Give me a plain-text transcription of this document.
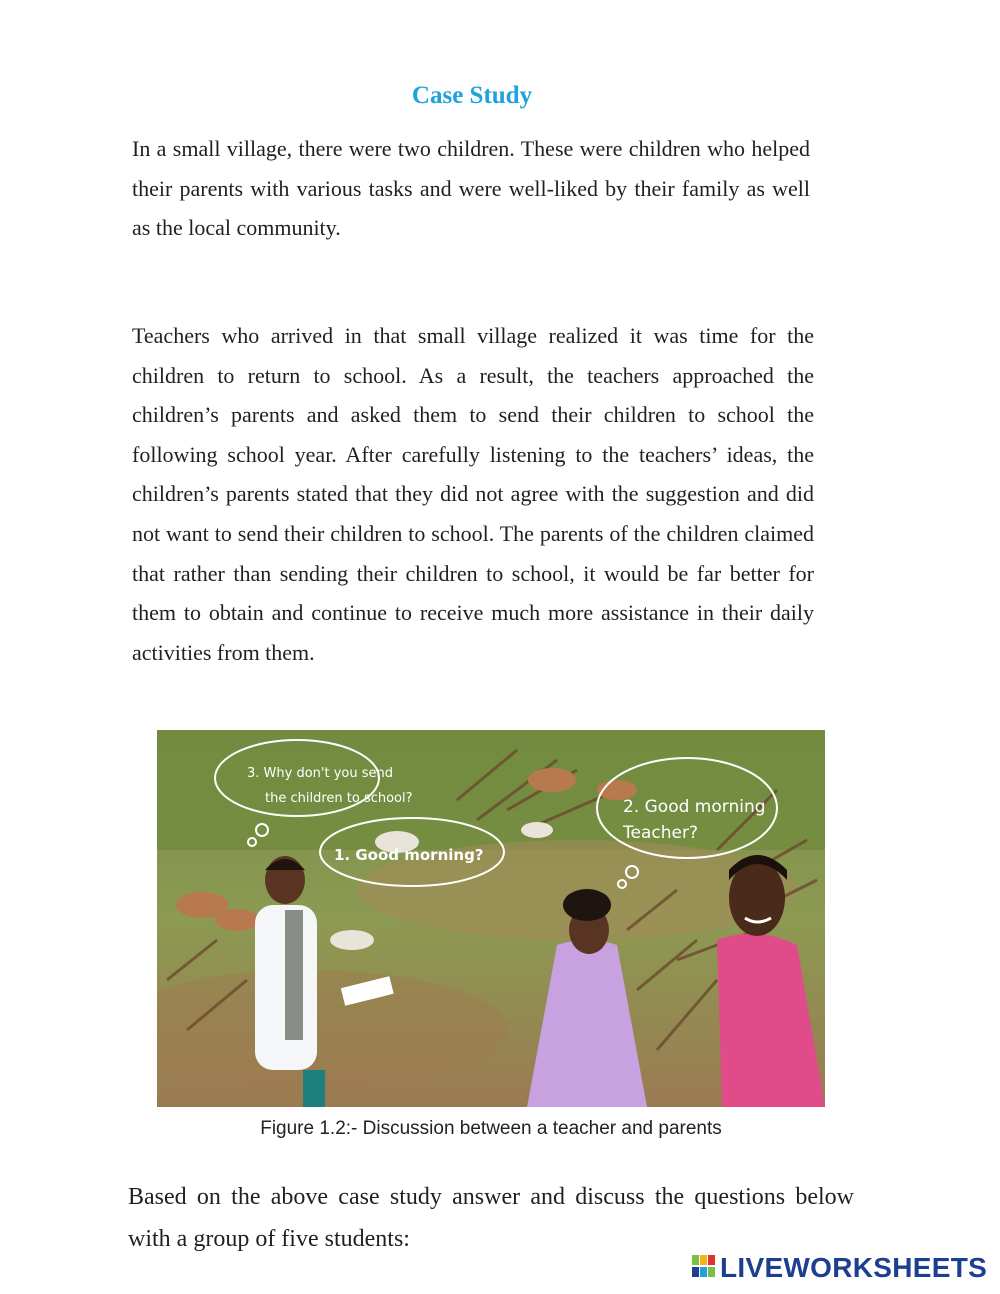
Case Study

In a small village, there were two children. These were children who helped their parents with various tasks and were well-liked by their family as well as the local community.

Teachers who arrived in that small village realized it was time for the children to return to school. As a result, the teachers approached the children’s parents and asked them to send their children to school the following school year. After carefully listening to the teachers’ ideas, the children’s parents stated that they did not agree with the suggestion and did not want to send their children to school. The parents of the children claimed that rather than sending their children to school, it would be far better for them to obtain and continue to receive much more assistance in their daily activities from them.

3. Why don't you send
the children to school?
1. Good morning?
2. Good morning
Teacher?

Figure 1.2:- Discussion between a teacher and parents

Based on the above case study answer and discuss the questions below with a group of five students:

LIVEWORKSHEETS
